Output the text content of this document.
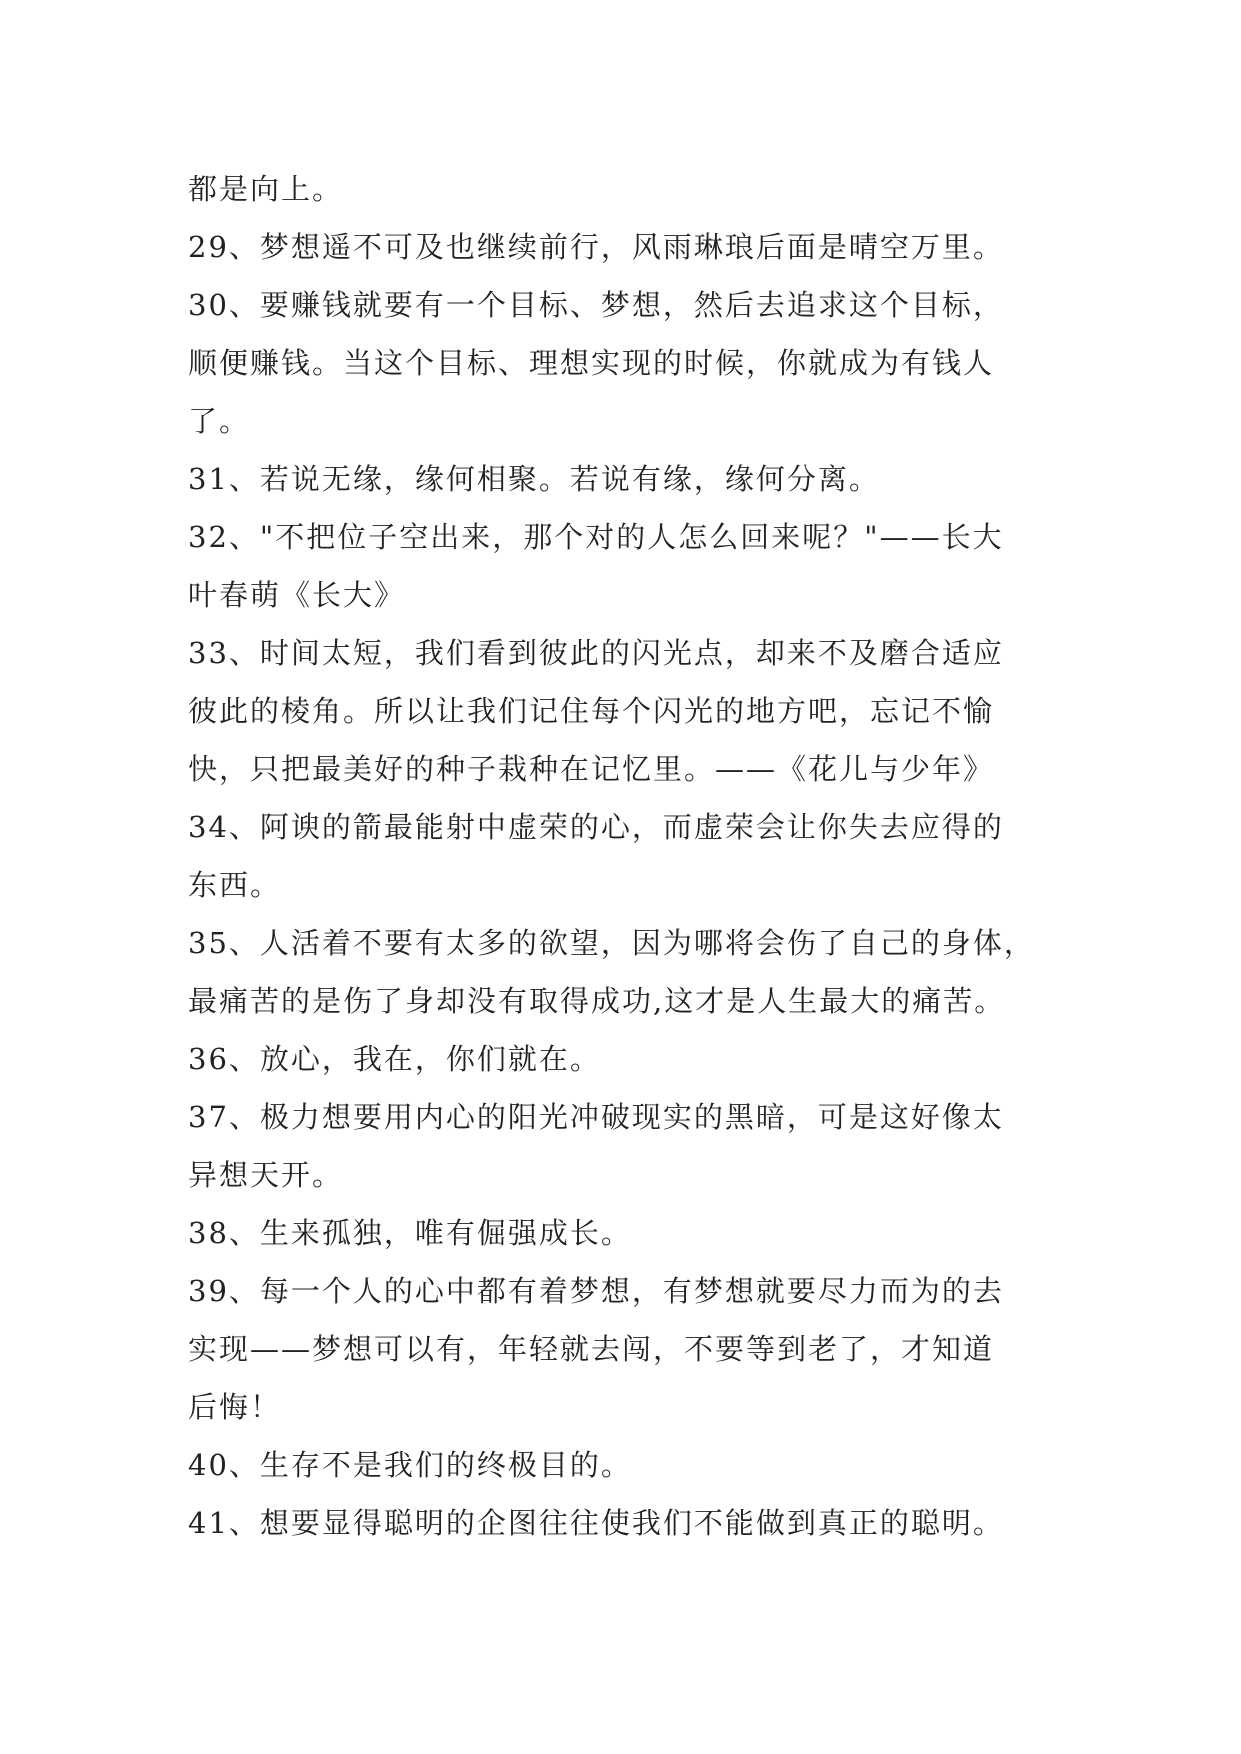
都是向上。
29、梦想遥不可及也继续前行，风雨琳琅后面是晴空万里。
30、要赚钱就要有一个目标、梦想，然后去追求这个目标，
顺便赚钱。当这个目标、理想实现的时候，你就成为有钱人
了。
31、若说无缘，缘何相聚。若说有缘，缘何分离。
32、"不把位子空出来，那个对的人怎么回来呢？"——长大
叶春萌《长大》
33、时间太短，我们看到彼此的闪光点，却来不及磨合适应
彼此的棱角。所以让我们记住每个闪光的地方吧，忘记不愉
快，只把最美好的种子栽种在记忆里。——《花儿与少年》
34、阿谀的箭最能射中虚荣的心，而虚荣会让你失去应得的
东西。
35、人活着不要有太多的欲望，因为哪将会伤了自己的身体，
最痛苦的是伤了身却没有取得成功,这才是人生最大的痛苦。
36、放心，我在，你们就在。
37、极力想要用内心的阳光冲破现实的黑暗，可是这好像太
异想天开。
38、生来孤独，唯有倔强成长。
39、每一个人的心中都有着梦想，有梦想就要尽力而为的去
实现——梦想可以有，年轻就去闯，不要等到老了，才知道
后悔！
40、生存不是我们的终极目的。
41、想要显得聪明的企图往往使我们不能做到真正的聪明。
